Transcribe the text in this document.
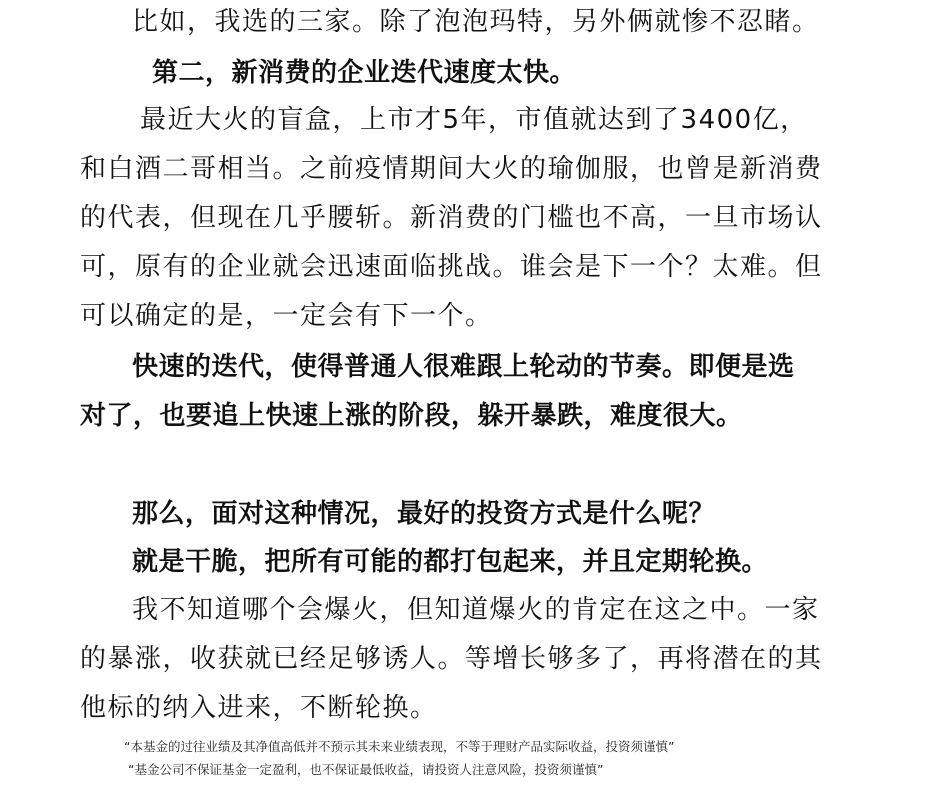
比如，我选的三家。除了泡泡玛特，另外俩就惨不忍睹。
第二，新消费的企业迭代速度太快。
最近大火的盲盒，上市才5年，市值就达到了3400亿，
和白酒二哥相当。之前疫情期间大火的瑜伽服，也曾是新消费
的代表，但现在几乎腰斩。新消费的门槛也不高，一旦市场认
可，原有的企业就会迅速面临挑战。谁会是下一个？太难。但
可以确定的是，一定会有下一个。
快速的迭代，使得普通人很难跟上轮动的节奏。即便是选
对了，也要追上快速上涨的阶段，躲开暴跌，难度很大。
那么，面对这种情况，最好的投资方式是什么呢？
就是干脆，把所有可能的都打包起来，并且定期轮换。
我不知道哪个会爆火，但知道爆火的肯定在这之中。一家
的暴涨，收获就已经足够诱人。等增长够多了，再将潜在的其
他标的纳入进来，不断轮换。
“本基金的过往业绩及其净值高低并不预示其未来业绩表现，不等于理财产品实际收益，投资须谨慎”
“基金公司不保证基金一定盈利，也不保证最低收益，请投资人注意风险，投资须谨慎”
